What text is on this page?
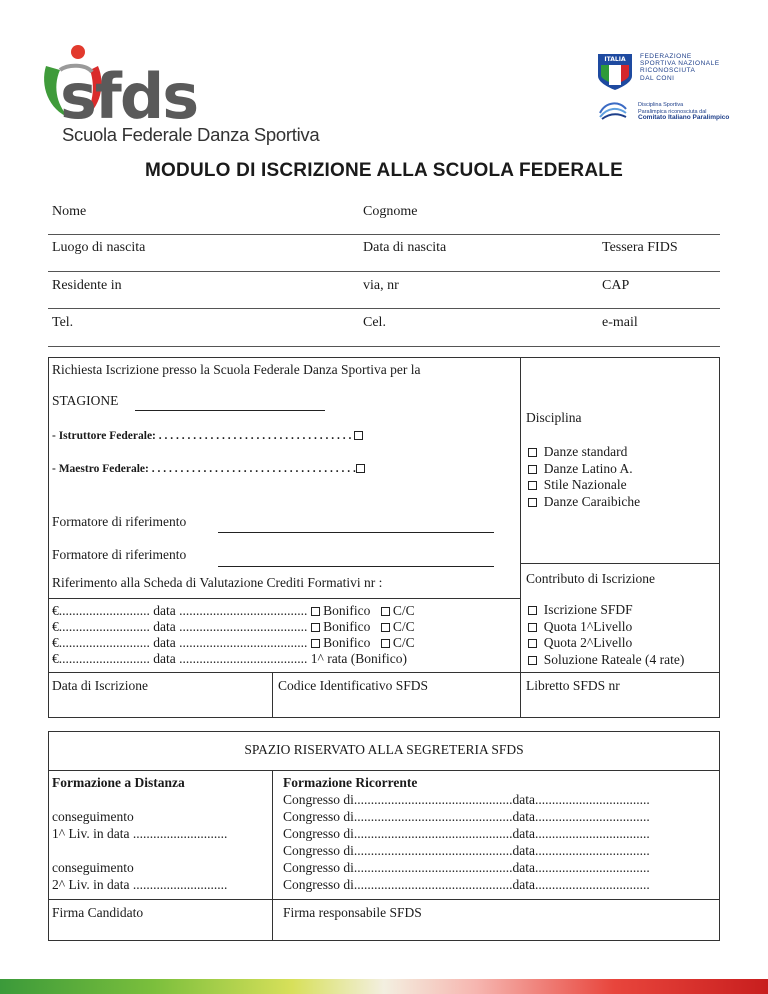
sfds
Scuola Federale Danza Sportiva
ITALIA FEDERAZIONE
SPORTIVA NAZIONALE
RICONOSCIUTA
DAL CONI
Disciplina Sportiva
Paralimpica riconosciuta dal
Comitato Italiano Paralimpico
MODULO DI ISCRIZIONE ALLA SCUOLA FEDERALE
Nome	Cognome
Luogo di nascita	Data di nascita	Tessera FIDS
Residente in	via, nr	CAP
Tel.	Cel.	e-mail
Richiesta Iscrizione presso la Scuola Federale Danza Sportiva per la
STAGIONE
- Istruttore Federale: . . . . . . . . . . . . . . . . . . . . . . . . . . . . . . . . . .
- Maestro Federale: . . . . . . . . . . . . . . . . . . . . . . . . . . . . . . . . . . . .
Formatore di riferimento
Formatore di riferimento
Riferimento alla Scheda di Valutazione Crediti Formativi nr :
€........................... data ......................................  Bonifico C/C
€........................... data ......................................  Bonifico C/C
€........................... data ......................................  Bonifico C/C
€........................... data ...................................... 1^ rata (Bonifico)
Data di Iscrizione	Codice Identificativo SFDS	Libretto SFDS nr
Disciplina
Danze standard
Danze Latino A.
Stile Nazionale
Danze Caraibiche
Contributo di Iscrizione
Iscrizione SFDF
Quota 1^Livello
Quota 2^Livello
Soluzione Rateale (4 rate)
SPAZIO RISERVATO ALLA SEGRETERIA SFDS
Formazione a Distanza
conseguimento
1^ Liv. in data ............................
conseguimento
2^ Liv. in data ............................
Formazione Ricorrente
Congresso di...............................................data..................................
Congresso di...............................................data..................................
Congresso di...............................................data..................................
Congresso di...............................................data..................................
Congresso di...............................................data..................................
Congresso di...............................................data..................................
Firma Candidato	Firma responsabile SFDS
